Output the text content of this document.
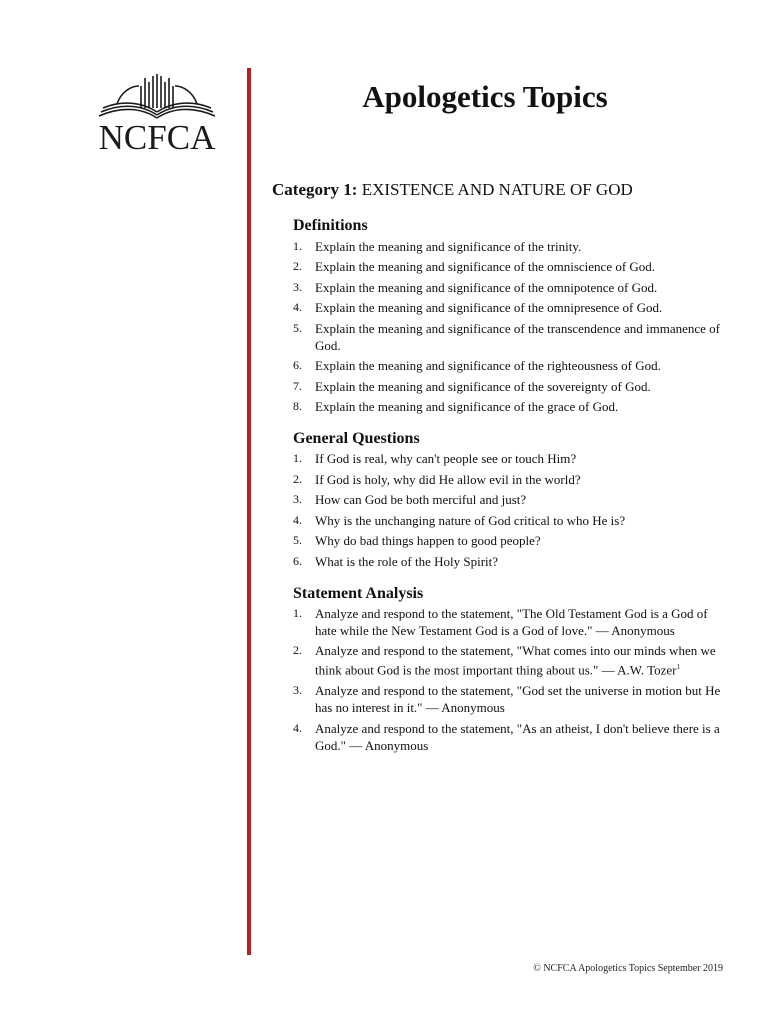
NCFCA
Apologetics Topics
Category 1: EXISTENCE AND NATURE OF GOD
Definitions
1.	Explain the meaning and significance of the trinity.
2.	Explain the meaning and significance of the omniscience of God.
3.	Explain the meaning and significance of the omnipotence of God.
4.	Explain the meaning and significance of the omnipresence of God.
5.	Explain the meaning and significance of the transcendence and immanence of God.
6.	Explain the meaning and significance of the righteousness of God.
7.	Explain the meaning and significance of the sovereignty of God.
8.	Explain the meaning and significance of the grace of God.
General Questions
1.	If God is real, why can't people see or touch Him?
2.	If God is holy, why did He allow evil in the world?
3.	How can God be both merciful and just?
4.	Why is the unchanging nature of God critical to who He is?
5.	Why do bad things happen to good people?
6.	What is the role of the Holy Spirit?
Statement Analysis
1.	Analyze and respond to the statement, "The Old Testament God is a God of hate while the New Testament God is a God of love." — Anonymous
2.	Analyze and respond to the statement, "What comes into our minds when we think about God is the most important thing about us." — A.W. Tozer$^1$
3.	Analyze and respond to the statement, "God set the universe in motion but He has no interest in it." — Anonymous
4.	Analyze and respond to the statement, "As an atheist, I don't believe there is a God." — Anonymous
© NCFCA Apologetics Topics September 2019
